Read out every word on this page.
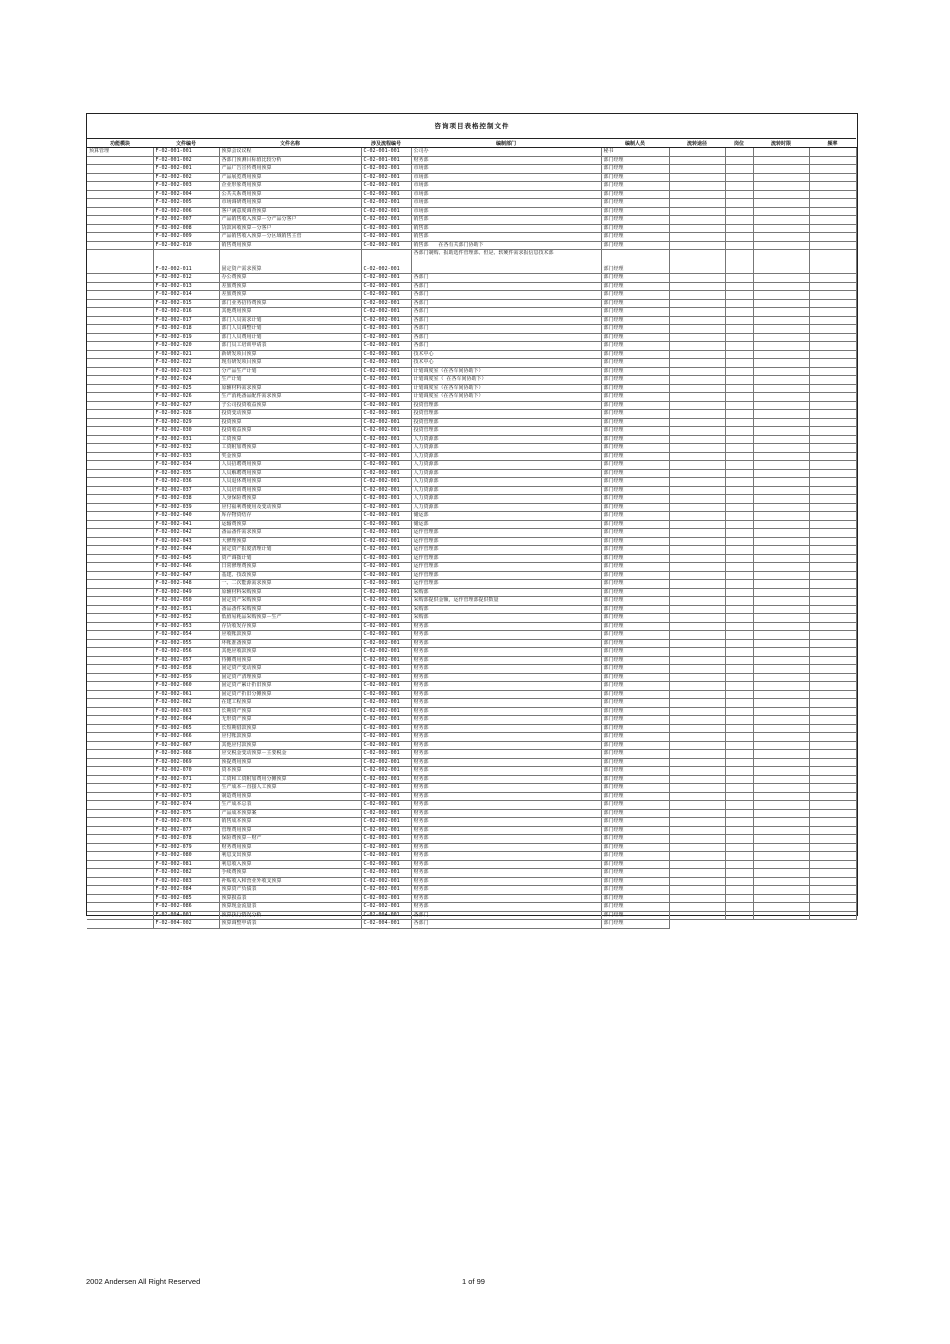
咨询项目表格控制文件
功能模块	文件编号	文件名称	涉及流程编号	编制部门	编制人员	流转途径	岗位	流转时限	频率
预算管理	F-02-001-001	预算会议议程	C-02-001-001	公司办	秘书				
	F-02-001-002	各部门预测目标值比较分析	C-02-001-001	财务部	部门经理				
	F-02-002-001	产品广告宣传费用预算	C-02-002-001	市场部	部门经理				
	F-02-002-002	产品展览费用预算	C-02-002-001	市场部	部门经理				
	F-02-002-003	企业形象费用预算	C-02-002-001	市场部	部门经理				
	F-02-002-004	公共关系费用预算	C-02-002-001	市场部	部门经理				
	F-02-002-005	市场调研费用预算	C-02-002-001	市场部	部门经理				
	F-02-002-006	客户满意度调查预算	C-02-002-001	市场部	部门经理				
	F-02-002-007	产品销售收入预算－分产品分客户	C-02-002-001	销售部	部门经理				
	F-02-002-008	货款回收预算－分客户	C-02-002-001	销售部	部门经理				
	F-02-002-009	产品销售收入预算－分区域销售主管	C-02-002-001	销售部	部门经理				
	F-02-002-010	销售费用预算	C-02-002-001	销售部　　在各有关部门协助下	部门经理				
	F-02-002-011	固定资产需求预算	C-02-002-001	各部门制购、报助选件管理部、但是、软硬件需求报信息技术部	部门经理				
	F-02-002-012	办公费预算	C-02-002-001	各部门	部门经理				
	F-02-002-013	差旅费预算	C-02-002-001	各部门	部门经理				
	F-02-002-014	差旅费预算	C-02-002-001	各部门	部门经理				
	F-02-002-015	部门业务招待费预算	C-02-002-001	各部门	部门经理				
	F-02-002-016	其他费用预算	C-02-002-001	各部门	部门经理				
	F-02-002-017	部门人员需求计划	C-02-002-001	各部门	部门经理				
	F-02-002-018	部门人员调整计划	C-02-002-001	各部门	部门经理				
	F-02-002-019	部门人员费用计划	C-02-002-001	各部门	部门经理				
	F-02-002-020	部门员工培训申请表	C-02-002-001	各部门	部门经理				
	F-02-002-021	新研发项目预算	C-02-002-001	技术中心	部门经理				
	F-02-002-022	现有研发项目预算	C-02-002-001	技术中心	部门经理				
	F-02-002-023	分产品生产计划	C-02-002-001	计划调度室（在各车间协助下）	部门经理				
	F-02-002-024	生产计划	C-02-002-001	计划调度室（ 在各车间协助下）	部门经理				
	F-02-002-025	原辅材料需求预算	C-02-002-001	计划调度室（在各车间协助下）	部门经理				
	F-02-002-026	生产消耗备品配件需求预算	C-02-002-001	计划调度室（在各车间协助下）	部门经理				
	F-02-002-027	子公司投资收益预算	C-02-002-001	投资管理部	部门经理				
	F-02-002-028	投资变动预算	C-02-002-001	投资管理部	部门经理				
	F-02-002-029	投资预算	C-02-002-001	投资管理部	部门经理				
	F-02-002-030	投资收益预算	C-02-002-001	投资管理部	部门经理				
	F-02-002-031	工资预算	C-02-002-001	人力资源部	部门经理				
	F-02-002-032	工资附加费预算	C-02-002-001	人力资源部	部门经理				
	F-02-002-033	奖金预算	C-02-002-001	人力资源部	部门经理				
	F-02-002-034	人员招聘费用预算	C-02-002-001	人力资源部	部门经理				
	F-02-002-035	人员解聘费用预算	C-02-002-001	人力资源部	部门经理				
	F-02-002-036	人员退休费用预算	C-02-002-001	人力资源部	部门经理				
	F-02-002-037	人员培训费用预算	C-02-002-001	人力资源部	部门经理				
	F-02-002-038	人身保险费预算	C-02-002-001	人力资源部	部门经理				
	F-02-002-039	应付福利费使用及变动预算	C-02-002-001	人力资源部	部门经理				
	F-02-002-040	库存物资结存	C-02-002-001	储运部	部门经理				
	F-02-002-041	运输费预算	C-02-002-001	储运部	部门经理				
	F-02-002-042	备品备件需求预算	C-02-002-001	运作管理部	部门经理				
	F-02-002-043	大修理预算	C-02-002-001	运作管理部	部门经理				
	F-02-002-044	固定资产报废清理计划	C-02-002-001	运作管理部	部门经理				
	F-02-002-045	资产调拨计划	C-02-002-001	运作管理部	部门经理				
	F-02-002-046	日常修理费预算	C-02-002-001	运作管理部	部门经理				
	F-02-002-047	基建、技改预算	C-02-002-001	运作管理部	部门经理				
	F-02-002-048	一、二次能源需求预算	C-02-002-001	运作管理部	部门经理				
	F-02-002-049	原辅材料采购预算	C-02-002-001	采购部	部门经理				
	F-02-002-050	固定资产采购预算	C-02-002-001	采购部提供金额，运作管理部提供数量	部门经理				
	F-02-002-051	备品备件采购预算	C-02-002-001	采购部	部门经理				
	F-02-002-052	低值易耗品采购预算－生产	C-02-002-001	采购部	部门经理				
	F-02-002-053	存货收发存预算	C-02-002-001	财务部	部门经理				
	F-02-002-054	应收帐款预算	C-02-002-001	财务部	部门经理				
	F-02-002-055	坏帐准备预算	C-02-002-001	财务部	部门经理				
	F-02-002-056	其他应收款预算	C-02-002-001	财务部	部门经理				
	F-02-002-057	待摊费用预算	C-02-002-001	财务部	部门经理				
	F-02-002-058	固定资产变动预算	C-02-002-001	财务部	部门经理				
	F-02-002-059	固定资产清理预算	C-02-002-001	财务部	部门经理				
	F-02-002-060	固定资产累计折旧预算	C-02-002-001	财务部	部门经理				
	F-02-002-061	固定资产折旧分摊预算	C-02-002-001	财务部	部门经理				
	F-02-002-062	在建工程预算	C-02-002-001	财务部	部门经理				
	F-02-002-063	长期资产预算	C-02-002-001	财务部	部门经理				
	F-02-002-064	无形资产预算	C-02-002-001	财务部	部门经理				
	F-02-002-065	长短期借款预算	C-02-002-001	财务部	部门经理				
	F-02-002-066	应付帐款预算	C-02-002-001	财务部	部门经理				
	F-02-002-067	其他应付款预算	C-02-002-001	财务部	部门经理				
	F-02-002-068	应交税金变动预算－主要税金	C-02-002-001	财务部	部门经理				
	F-02-002-069	预提费用预算	C-02-002-001	财务部	部门经理				
	F-02-002-070	资本预算	C-02-002-001	财务部	部门经理				
	F-02-002-071	工资和工资附加费用分摊预算	C-02-002-001	财务部	部门经理				
	F-02-002-072	生产成本－直接人工预算	C-02-002-001	财务部	部门经理				
	F-02-002-073	制造费用预算	C-02-002-001	财务部	部门经理				
	F-02-002-074	生产成本总表	C-02-002-001	财务部	部门经理				
	F-02-002-075	产品成本预算案	C-02-002-001	财务部	部门经理				
	F-02-002-076	销售成本预算	C-02-002-001	财务部	部门经理				
	F-02-002-077	管理费用预算	C-02-002-001	财务部	部门经理				
	F-02-002-078	保险费预算－财产	C-02-002-001	财务部	部门经理				
	F-02-002-079	财务费用预算	C-02-002-001	财务部	部门经理				
	F-02-002-080	利息支出预算	C-02-002-001	财务部	部门经理				
	F-02-002-081	利息收入预算	C-02-002-001	财务部	部门经理				
	F-02-002-082	手续费预算	C-02-002-001	财务部	部门经理				
	F-02-002-083	补贴收入和营业外收支预算	C-02-002-001	财务部	部门经理				
	F-02-002-084	预算资产负债表	C-02-002-001	财务部	部门经理				
	F-02-002-085	预算损益表	C-02-002-001	财务部	部门经理				
	F-02-002-086	预算现金流量表	C-02-002-001	财务部	部门经理				
	F-02-004-001	预算执行情况分析	C-02-004-001	各部门	部门经理				
	F-02-004-002	预算调整申请表	C-02-004-001	各部门	部门经理				
2002 Andersen All Right Reserved	1 of 99
